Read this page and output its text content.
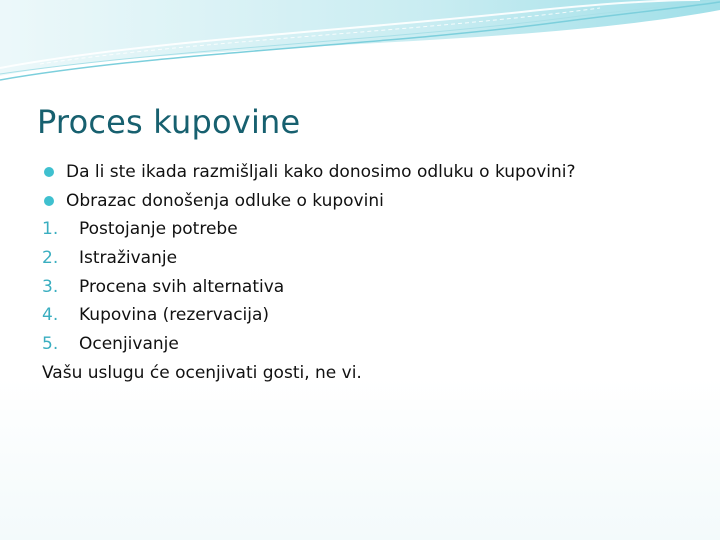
Proces kupovine
Da li ste ikada razmišljali kako donosimo odluku o kupovini?
Obrazac donošenja odluke o kupovini
1.	Postojanje potrebe
2.	Istraživanje
3.	Procena svih alternativa
4.	Kupovina (rezervacija)
5.	Ocenjivanje
Vašu uslugu će ocenjivati gosti, ne vi.
